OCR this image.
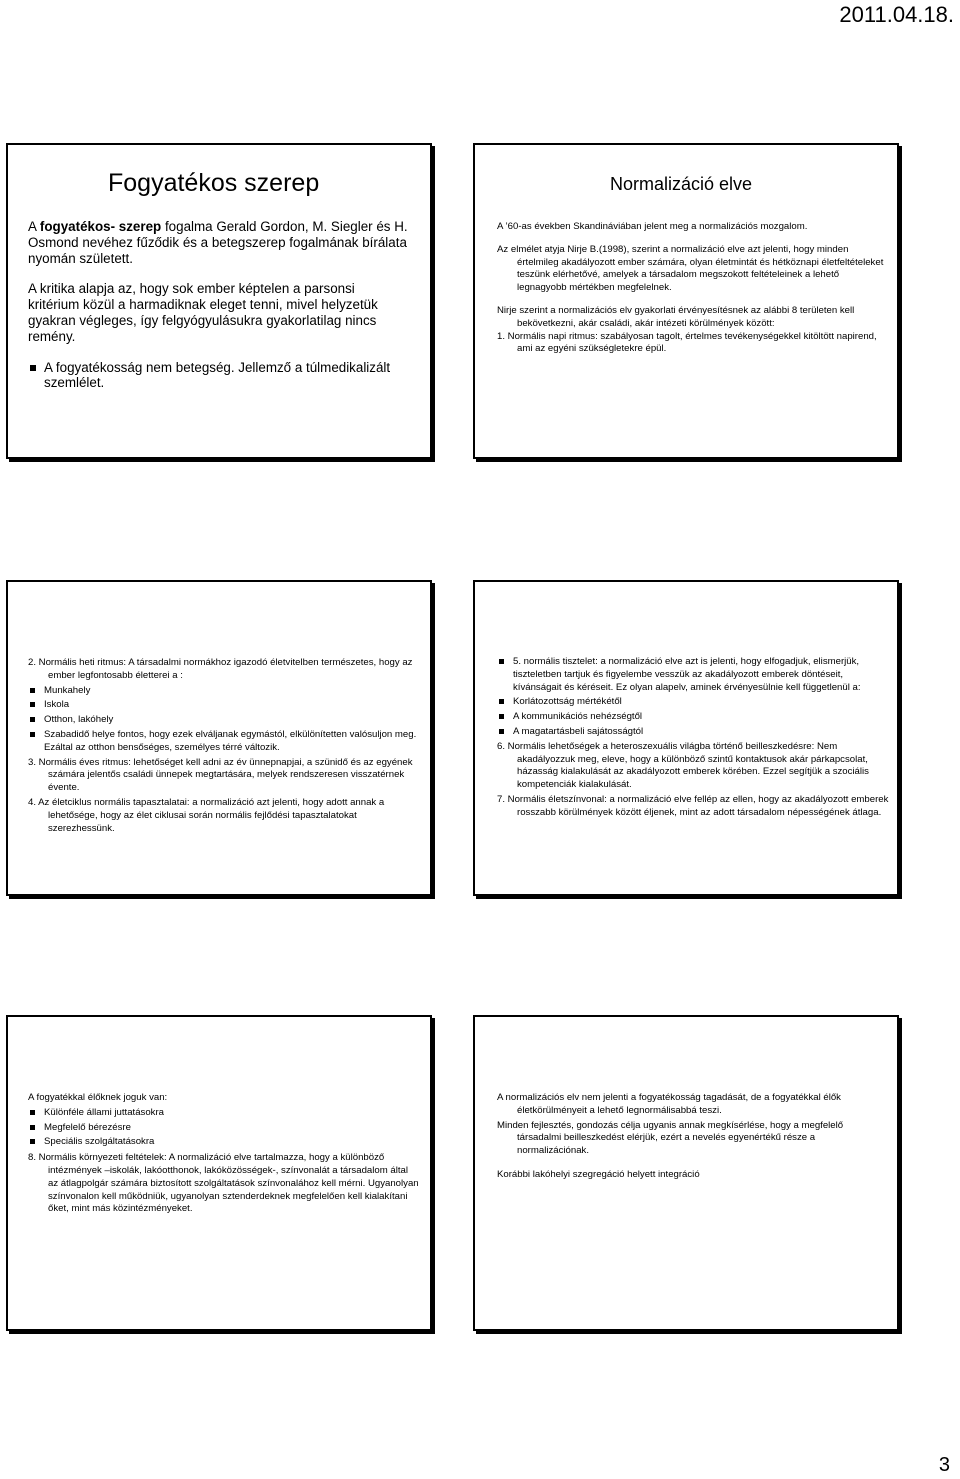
2011.04.18.
Fogyatékos szerep

A fogyatékos- szerep fogalma Gerald Gordon, M. Siegler és H. Osmond nevéhez fűződik és a betegszerep fogalmának bírálata nyomán született.

A kritika alapja az, hogy sok ember képtelen a parsonsi kritérium közül a harmadiknak eleget tenni, mivel helyzetük gyakran végleges, így felgyógyulásukra gyakorlatilag nincs remény.

A fogyatékosság nem betegség. Jellemző a túlmedikalizált szemlélet.

Normalizáció elve

A ’60-as években Skandináviában jelent meg a normalizációs mozgalom.

Az elmélet atyja Nirje B.(1998), szerint a normalizáció elve azt jelenti, hogy minden értelmileg akadályozott ember számára, olyan életmintát és hétköznapi életfeltételeket teszünk elérhetővé, amelyek a társadalom megszokott feltételeinek a lehető legnagyobb mértékben megfelelnek.

Nirje szerint a normalizációs elv gyakorlati érvényesítésnek az alábbi 8 területen kell bekövetkezni, akár családi, akár intézeti körülmények között:

1. Normális napi ritmus: szabályosan tagolt, értelmes tevékenységekkel kitöltött napirend, ami az egyéni szükségletekre épül.

2. Normális heti ritmus: A társadalmi normákhoz igazodó életvitelben természetes, hogy az ember legfontosabb életterei a :

Munkahely

Iskola

Otthon, lakóhely

Szabadidő helye fontos, hogy ezek elváljanak egymástól, elkülönítetten valósuljon meg. Ezáltal az otthon bensőséges, személyes térré változik.

3. Normális éves ritmus: lehetőséget kell adni az év ünnepnapjai, a szünidő és az egyének számára jelentős családi ünnepek megtartására, melyek rendszeresen visszatérnek évente.

4. Az életciklus normális tapasztalatai: a normalizáció azt jelenti, hogy adott annak a lehetősége, hogy az élet ciklusai során normális fejlődési tapasztalatokat szerezhessünk.

5. normális tisztelet: a normalizáció elve azt is jelenti, hogy elfogadjuk, elismerjük, tiszteletben tartjuk és figyelembe vesszük az akadályozott emberek döntéseit, kívánságait és kéréseit. Ez olyan alapelv, aminek érvényesülnie kell függetlenül a:

Korlátozottság mértékétől

A kommunikációs nehézségtől

A magatartásbeli sajátosságtól

6. Normális lehetőségek a heteroszexuális világba történő beilleszkedésre: Nem akadályozzuk meg, eleve, hogy a különböző szintű kontaktusok akár párkapcsolat, házasság kialakulását az akadályozott emberek körében. Ezzel segítjük a szociális kompetenciák kialakulását.

7. Normális életszínvonal: a normalizáció elve fellép az ellen, hogy az akadályozott emberek rosszabb körülmények között éljenek, mint az adott társadalom népességének átlaga.

A fogyatékkal élőknek joguk van:

Különféle állami juttatásokra

Megfelelő bérezésre

Speciális szolgáltatásokra

8. Normális környezeti feltételek: A normalizáció elve tartalmazza, hogy a különböző intézmények –iskolák, lakóotthonok, lakóközösségek-, színvonalát a társadalom által az átlagpolgár számára biztosított szolgáltatások színvonalához kell mérni. Ugyanolyan színvonalon kell működniük, ugyanolyan sztenderdeknek megfelelően kell kialakítani őket, mint más közintézményeket.

A normalizációs elv nem jelenti a fogyatékosság tagadását, de a fogyatékkal élők életkörülményeit a lehető legnormálisabbá teszi.

Minden fejlesztés, gondozás célja ugyanis annak megkísérlése, hogy a megfelelő társadalmi beilleszkedést elérjük, ezért a nevelés egyenértékű része a normalizációnak.

Korábbi lakóhelyi szegregáció helyett integráció

3
